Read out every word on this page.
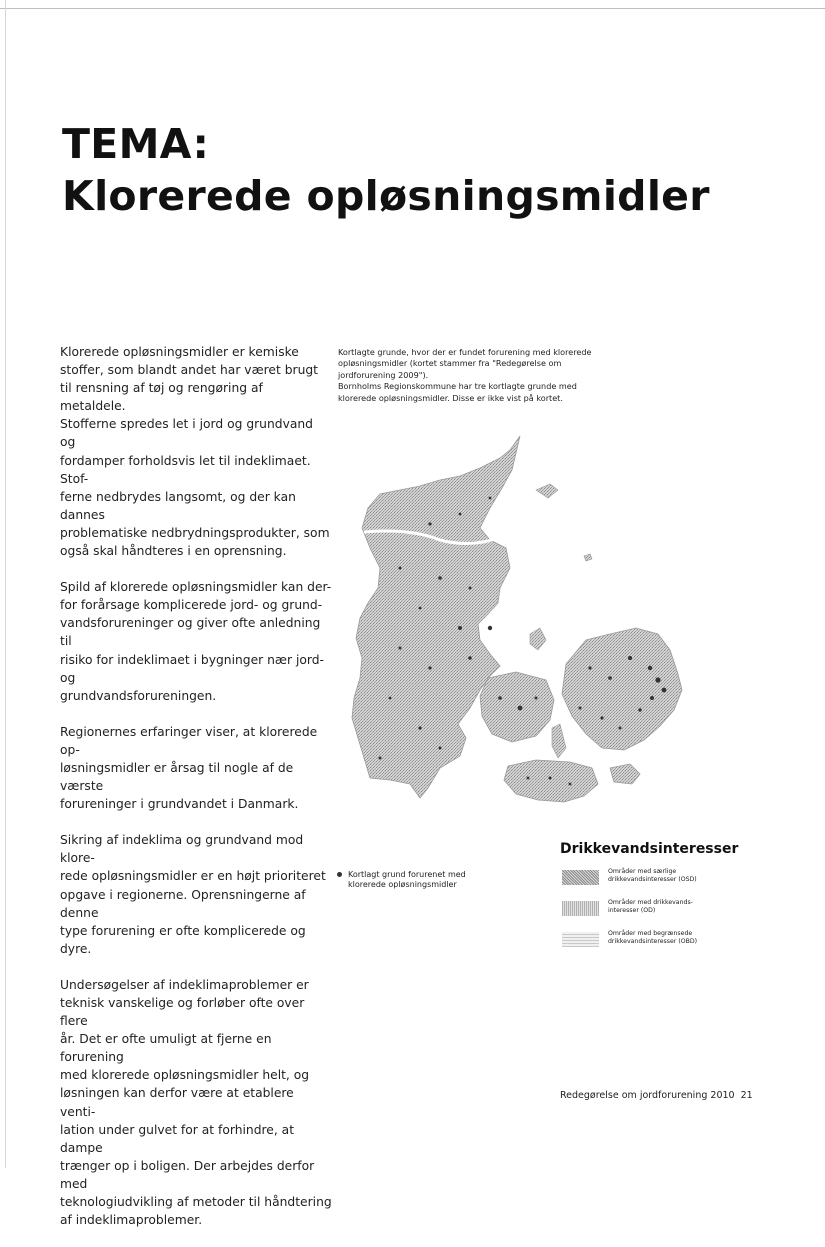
TEMA:
Klorerede opløsningsmidler

Klorerede opløsningsmidler er kemiske
stoffer, som blandt andet har været brugt
til rensning af tøj og rengøring af metaldele.
Stofferne spredes let i jord og grundvand og
fordamper forholdsvis let til indeklimaet. Stof-
ferne nedbrydes langsomt, og der kan dannes
problematiske nedbrydningsprodukter, som
også skal håndteres i en oprensning.

Spild af klorerede opløsningsmidler kan der-
for forårsage komplicerede jord- og grund-
vandsforureninger og giver ofte anledning til
risiko for indeklimaet i bygninger nær jord- og
grundvandsforureningen.

Regionernes erfaringer viser, at klorerede op-
løsningsmidler er årsag til nogle af de værste
forureninger i grundvandet i Danmark.

Sikring af indeklima og grundvand mod klore-
rede opløsningsmidler er en højt prioriteret
opgave i regionerne. Oprensningerne af denne
type forurening er ofte komplicerede og dyre.

Undersøgelser af indeklimaproblemer er
teknisk vanskelige og forløber ofte over flere
år. Det er ofte umuligt at fjerne en forurening
med klorerede opløsningsmidler helt, og
løsningen kan derfor være at etablere venti-
lation under gulvet for at forhindre, at dampe
trænger op i boligen. Der arbejdes derfor med
teknologiudvikling af metoder til håndtering
af indeklimaproblemer.

Kortlagte grunde, hvor der er fundet forurening med klorerede
opløsningsmidler (kortet stammer fra "Redegørelse om
jordforurening 2009").
Bornholms Regionskommune har tre kortlagte grunde med
klorerede opløsningsmidler. Disse er ikke vist på kortet.
Kortlagt grund forurenet med
klorerede opløsningsmidler
Drikkevandsinteresser
Områder med særlige
drikkevandsinteresser (OSD)
Områder med drikkevands-
interesser (OD)
Områder med begrænsede
drikkevandsinteresser (OBD)
Redegørelse om jordforurening 2010 21
